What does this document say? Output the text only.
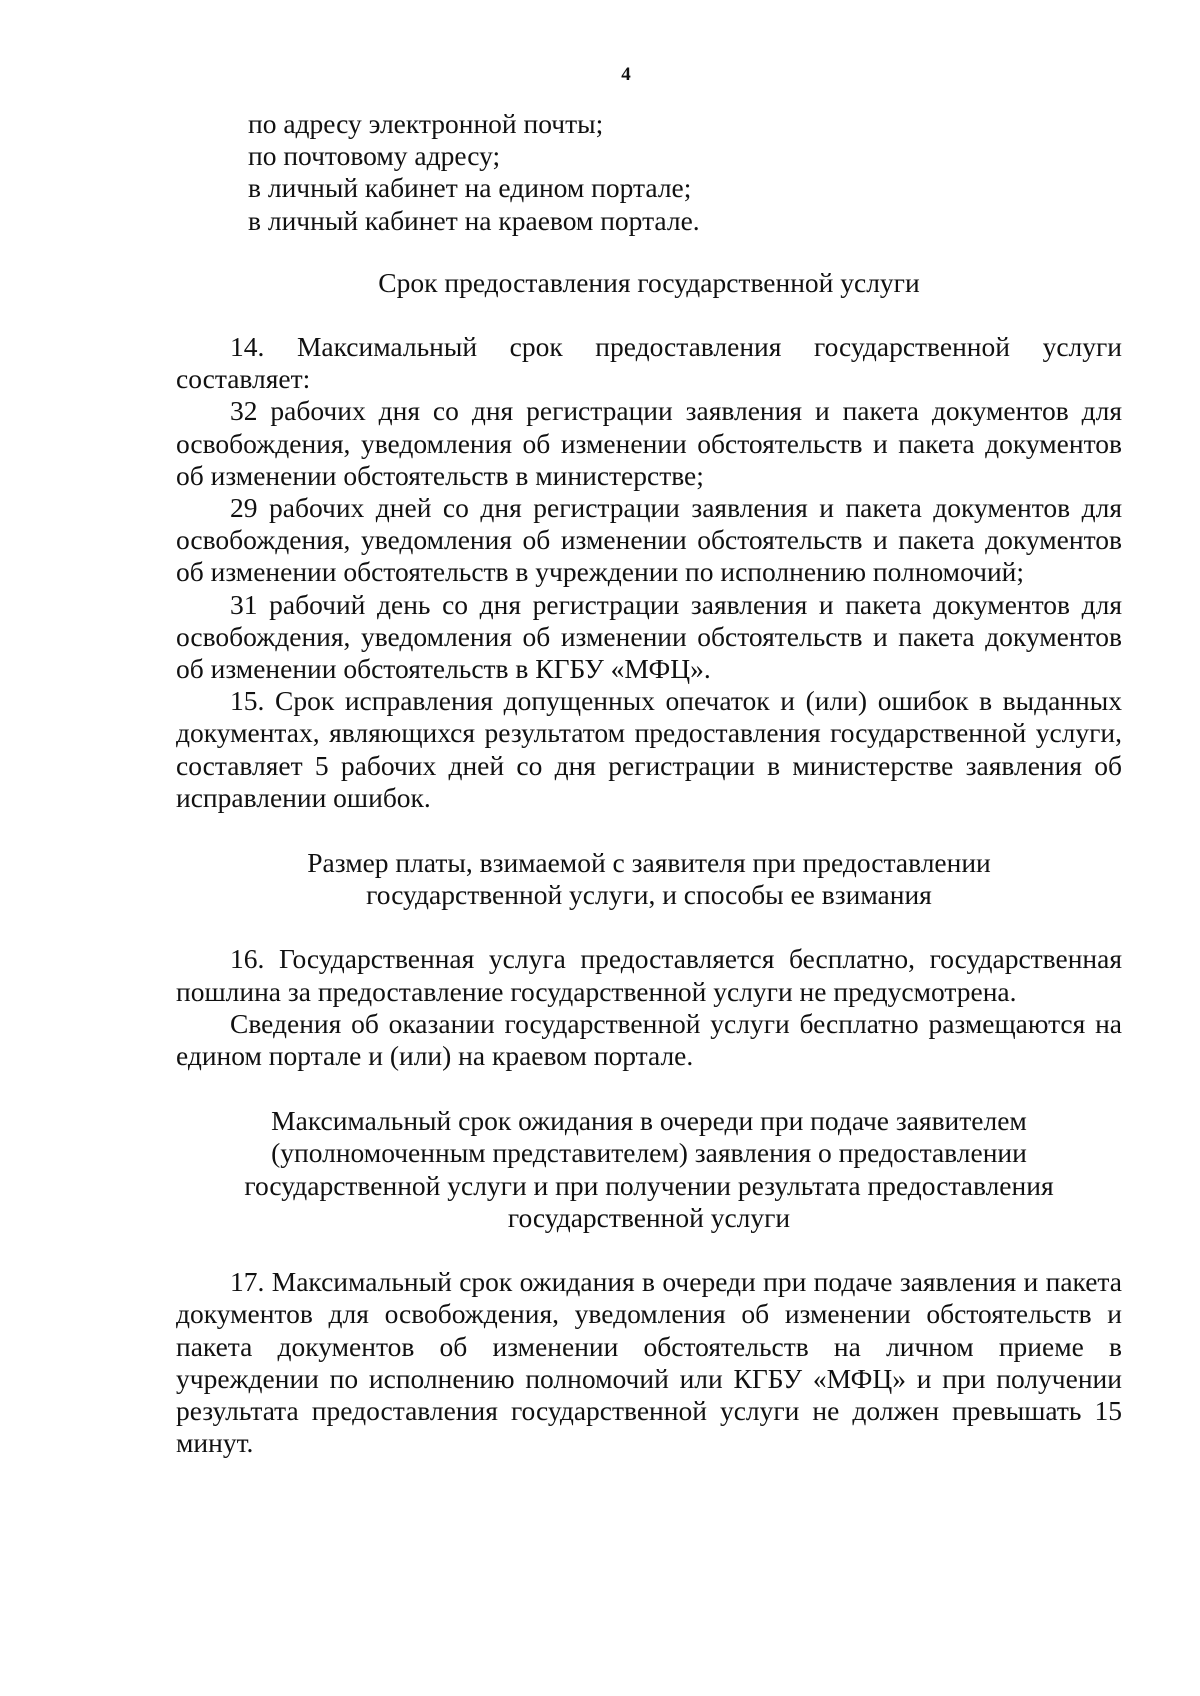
4

по адресу электронной почты;

по почтовому адресу;

в личный кабинет на едином портале;

в личный кабинет на краевом портале.

Срок предоставления государственной услуги

14. Максимальный срок предоставления государственной услуги составляет:

32 рабочих дня со дня регистрации заявления и пакета документов для освобождения, уведомления об изменении обстоятельств и пакета документов об изменении обстоятельств в министерстве;

29 рабочих дней со дня регистрации заявления и пакета документов для освобождения, уведомления об изменении обстоятельств и пакета документов об изменении обстоятельств в учреждении по исполнению полномочий;

31 рабочий день со дня регистрации заявления и пакета документов для освобождения, уведомления об изменении обстоятельств и пакета документов об изменении обстоятельств в КГБУ «МФЦ».

15. Срок исправления допущенных опечаток и (или) ошибок в выданных документах, являющихся результатом предоставления государственной услуги, составляет 5 рабочих дней со дня регистрации в министерстве заявления об исправлении ошибок.

Размер платы, взимаемой с заявителя при предоставлении

государственной услуги, и способы ее взимания

16. Государственная услуга предоставляется бесплатно, государственная пошлина за предоставление государственной услуги не предусмотрена.

Сведения об оказании государственной услуги бесплатно размещаются на едином портале и (или) на краевом портале.

Максимальный срок ожидания в очереди при подаче заявителем

(уполномоченным представителем) заявления о предоставлении

государственной услуги и при получении результата предоставления

государственной услуги

17. Максимальный срок ожидания в очереди при подаче заявления и пакета документов для освобождения, уведомления об изменении обстоятельств и пакета документов об изменении обстоятельств на личном приеме в учреждении по исполнению полномочий или КГБУ «МФЦ» и при получении результата предоставления государственной услуги не должен превышать 15 минут.
